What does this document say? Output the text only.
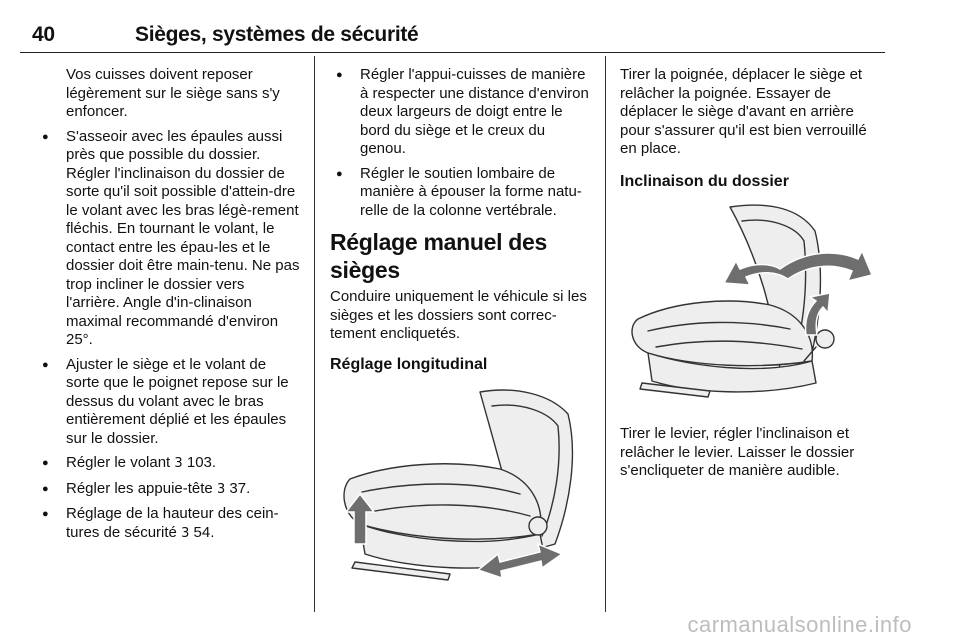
40	Sièges, systèmes de sécurité

Vos cuisses doivent reposer légèrement sur le siège sans s'y enfoncer.

● S'asseoir avec les épaules aussi près que possible du dossier. Régler l'inclinaison du dossier de sorte qu'il soit possible d'attein-dre le volant avec les bras légè-rement fléchis. En tournant le volant, le contact entre les épau-les et le dossier doit être main-tenu. Ne pas trop incliner le dossier vers l'arrière. Angle d'in-clinaison maximal recommandé d'environ 25°.
● Ajuster le siège et le volant de sorte que le poignet repose sur le dessus du volant avec le bras entièrement déplié et les épaules sur le dossier.
● Régler le volant 3 103.
● Régler les appuie-tête 3 37.
● Réglage de la hauteur des cein-tures de sécurité 3 54.
● Régler l'appui-cuisses de manière à respecter une distance d'environ deux largeurs de doigt entre le bord du siège et le creux du genou.
● Régler le soutien lombaire de manière à épouser la forme natu-relle de la colonne vertébrale.
Réglage manuel des sièges

Conduire uniquement le véhicule si les sièges et les dossiers sont correc-tement encliquetés.

Réglage longitudinal

Tirer la poignée, déplacer le siège et relâcher la poignée. Essayer de déplacer le siège d'avant en arrière pour s'assurer qu'il est bien verrouillé en place.

Inclinaison du dossier

Tirer le levier, régler l'inclinaison et relâcher le levier. Laisser le dossier s'encliqueter de manière audible.

carmanualsonline.info
